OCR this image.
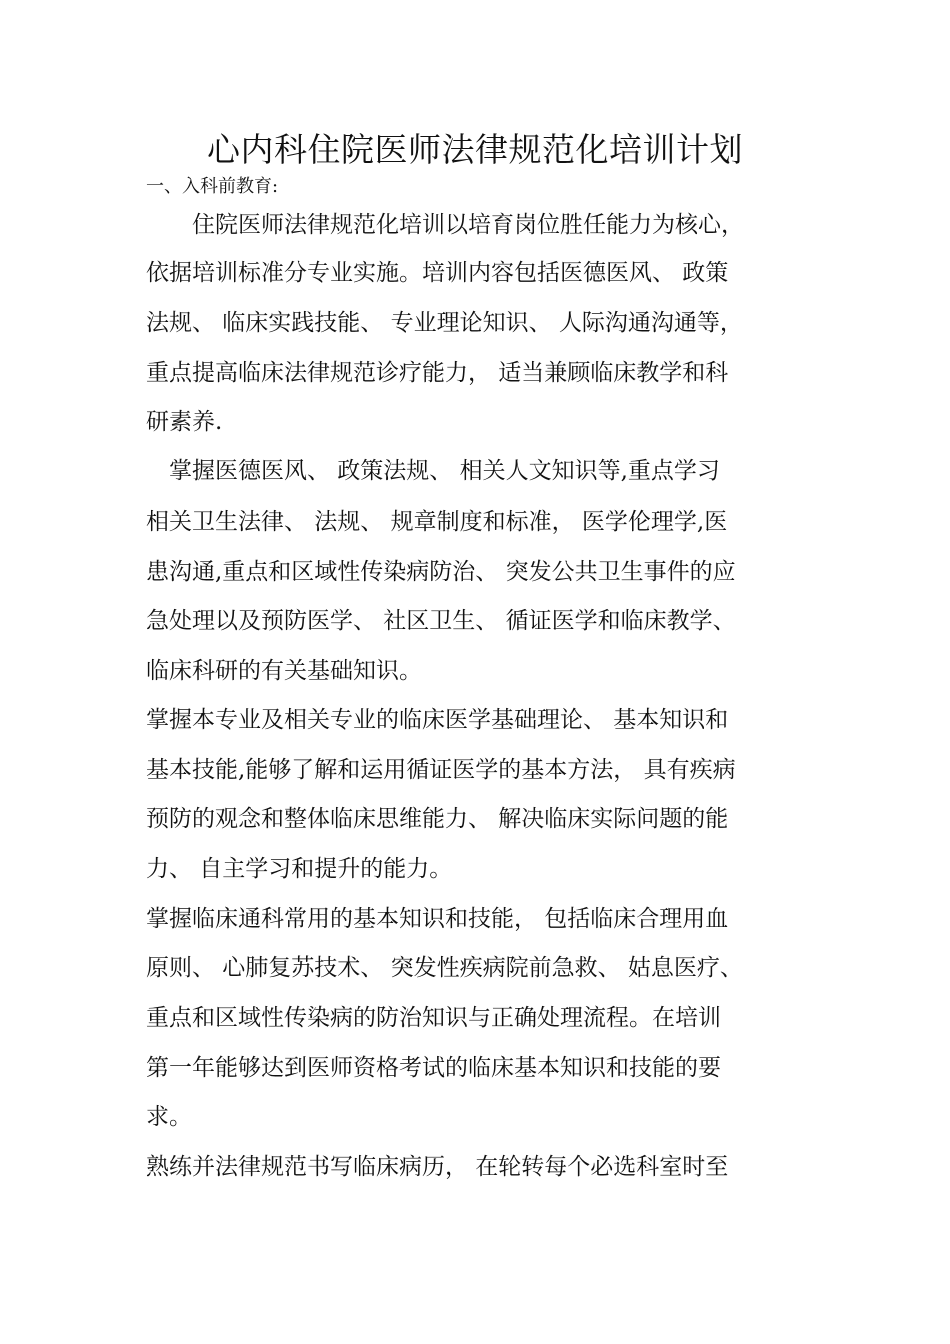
心内科住院医师法律规范化培训计划
一、入科前教育:
　　住院医师法律规范化培训以培育岗位胜任能力为核心，
依据培训标准分专业实施。培训内容包括医德医风、 政策
法规、 临床实践技能、 专业理论知识、 人际沟通沟通等，
重点提高临床法律规范诊疗能力， 适当兼顾临床教学和科
研素养.
　掌握医德医风、 政策法规、 相关人文知识等,重点学习
相关卫生法律、 法规、 规章制度和标准， 医学伦理学,医
患沟通,重点和区域性传染病防治、 突发公共卫生事件的应
急处理以及预防医学、 社区卫生、 循证医学和临床教学、
临床科研的有关基础知识。
掌握本专业及相关专业的临床医学基础理论、 基本知识和
基本技能,能够了解和运用循证医学的基本方法， 具有疾病
预防的观念和整体临床思维能力、 解决临床实际问题的能
力、 自主学习和提升的能力。
掌握临床通科常用的基本知识和技能， 包括临床合理用血
原则、 心肺复苏技术、 突发性疾病院前急救、 姑息医疗、
重点和区域性传染病的防治知识与正确处理流程。在培训
第一年能够达到医师资格考试的临床基本知识和技能的要
求。
熟练并法律规范书写临床病历， 在轮转每个必选科室时至
